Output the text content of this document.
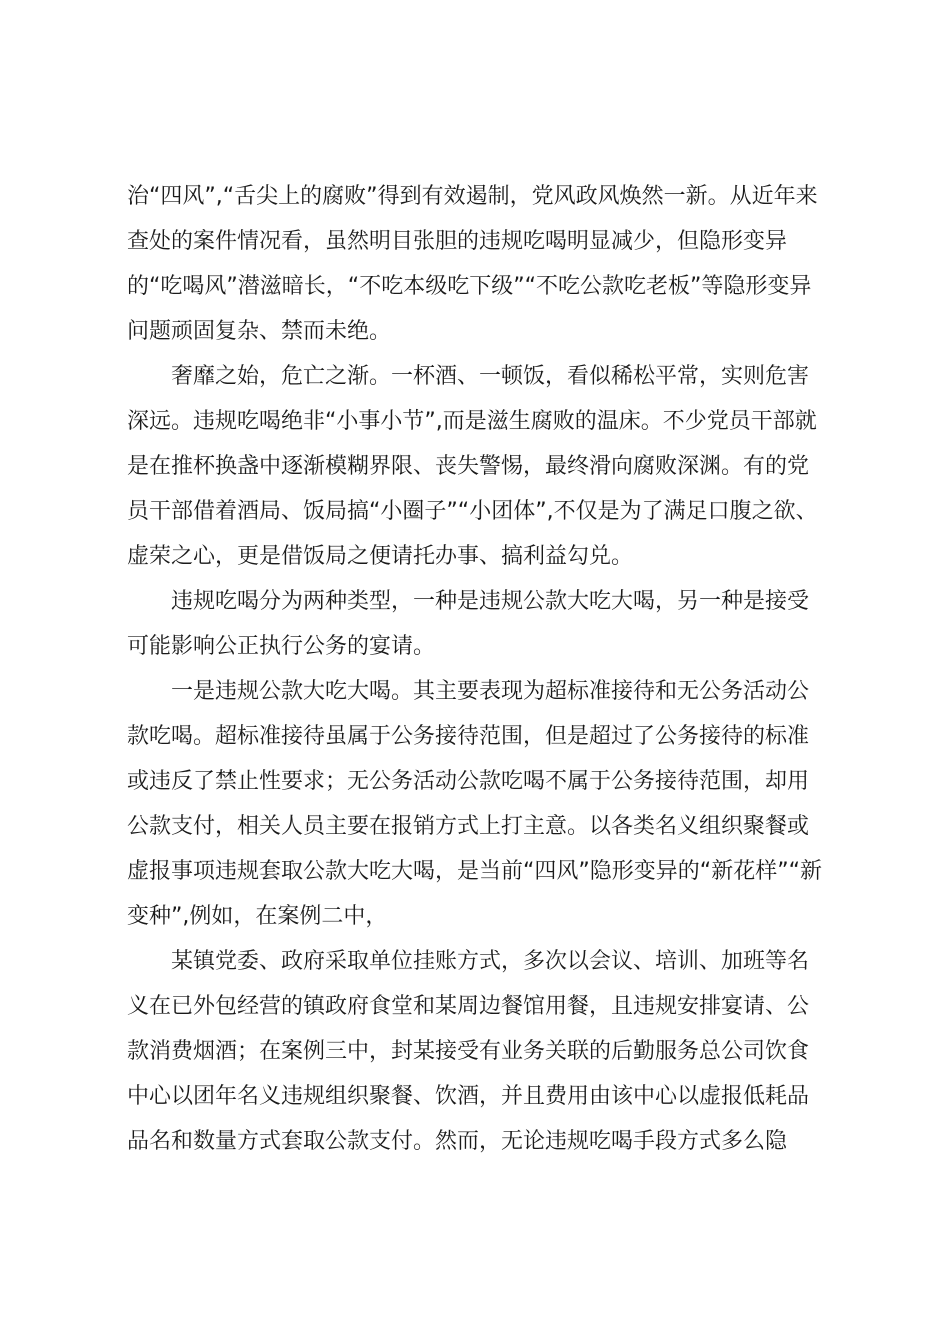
治“四风”,“舌尖上的腐败”得到有效遏制，党风政风焕然一新。从近年来
查处的案件情况看，虽然明目张胆的违规吃喝明显减少，但隐形变异
的“吃喝风”潜滋暗长，“不吃本级吃下级”“不吃公款吃老板”等隐形变异
问题顽固复杂、禁而未绝。

　　奢靡之始，危亡之渐。一杯酒、一顿饭，看似稀松平常，实则危害
深远。违规吃喝绝非“小事小节”,而是滋生腐败的温床。不少党员干部就
是在推杯换盏中逐渐模糊界限、丧失警惕，最终滑向腐败深渊。有的党
员干部借着酒局、饭局搞“小圈子”“小团体”,不仅是为了满足口腹之欲、
虚荣之心，更是借饭局之便请托办事、搞利益勾兑。

　　违规吃喝分为两种类型，一种是违规公款大吃大喝，另一种是接受
可能影响公正执行公务的宴请。

　　一是违规公款大吃大喝。其主要表现为超标准接待和无公务活动公
款吃喝。超标准接待虽属于公务接待范围，但是超过了公务接待的标准
或违反了禁止性要求；无公务活动公款吃喝不属于公务接待范围，却用
公款支付，相关人员主要在报销方式上打主意。以各类名义组织聚餐或
虚报事项违规套取公款大吃大喝，是当前“四风”隐形变异的“新花样”“新
变种”,例如，在案例二中，

　　某镇党委、政府采取单位挂账方式，多次以会议、培训、加班等名
义在已外包经营的镇政府食堂和某周边餐馆用餐，且违规安排宴请、公
款消费烟酒；在案例三中，封某接受有业务关联的后勤服务总公司饮食
中心以团年名义违规组织聚餐、饮酒，并且费用由该中心以虚报低耗品
品名和数量方式套取公款支付。然而，无论违规吃喝手段方式多么隐
